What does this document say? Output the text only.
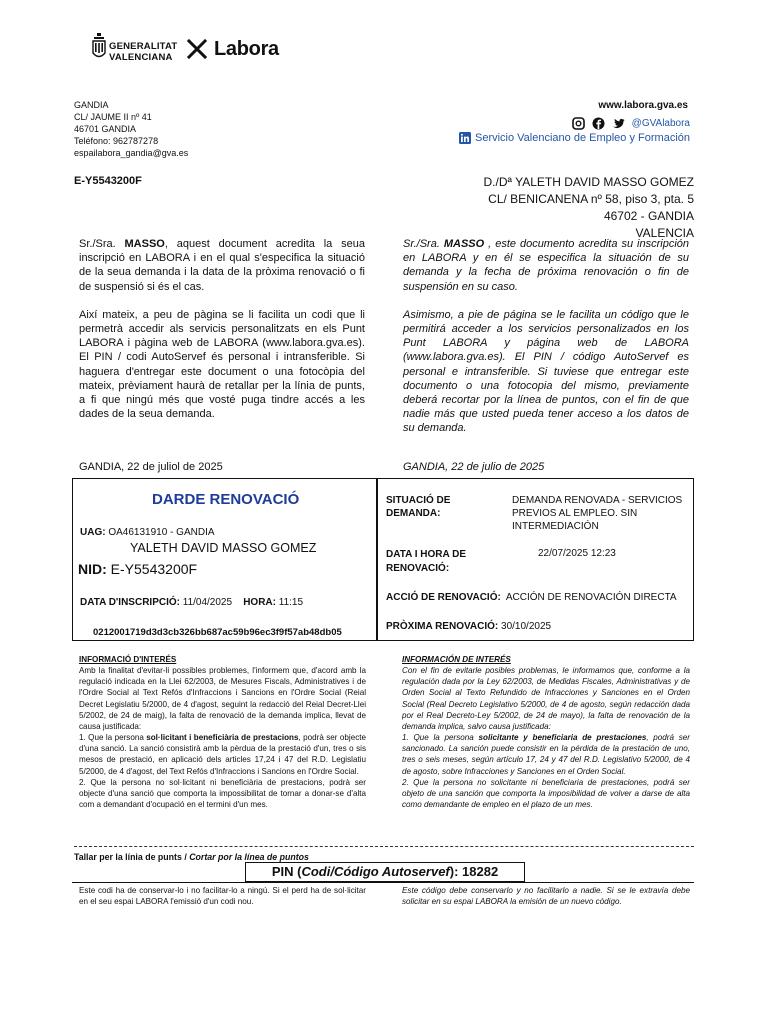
GENERALITAT
VALENCIANA Labora
GANDIA
CL/ JAUME II nº 41
46701 GANDIA
Teléfono: 962787278
espailabora_gandia@gva.es
www.labora.gva.es
@GVAlabora
Servicio Valenciano de Empleo y Formación
E-Y5543200F	D./Dª YALETH DAVID MASSO GOMEZ
CL/ BENICANENA nº 58, piso 3, pta. 5
46702 - GANDIA
VALENCIA

Sr./Sra. MASSO, aquest document acredita la seua inscripció en LABORA i en el qual s'especifica la situació de la seua demanda i la data de la pròxima renovació o fi de suspensió si és el cas.

Així mateix, a peu de pàgina se li facilita un codi que li permetrà accedir als servicis personalitzats en els Punt LABORA i pàgina web de LABORA (www.labora.gva.es). El PIN / codi AutoServef és personal i intransferible. Si haguera d'entregar este document o una fotocòpia del mateix, prèviament haurà de retallar per la línia de punts, a fi que ningú més que vosté puga tindre accés a les dades de la seua demanda.

Sr./Sra. MASSO , este documento acredita su inscripción en LABORA y en él se especifica la situación de su demanda y la fecha de próxima renovación o fin de suspensión en su caso.

Asimismo, a pie de página se le facilita un código que le permitirá acceder a los servicios personalizados en los Punt LABORA y página web de LABORA (www.labora.gva.es). El PIN / código AutoServef es personal e intransferible. Si tuviese que entregar este documento o una fotocopia del mismo, previamente deberá recortar por la línea de puntos, con el fin de que nadie más que usted pueda tener acceso a los datos de su demanda.

GANDIA, 22 de juliol de 2025	GANDIA, 22 de julio de 2025
DARDE RENOVACIÓ
UAG: OA46131910 - GANDIA
YALETH DAVID MASSO GOMEZ
NID: E-Y5543200F
DATA D'INSCRIPCIÓ: 11/04/2025 HORA: 11:15
0212001719d3d3cb326bb687ac59b96ec3f9f57ab48db05
SITUACIÓ DE
DEMANDA:
DEMANDA RENOVADA - SERVICIOS PREVIOS AL EMPLEO. SIN INTERMEDIACIÓN
DATA I HORA DE
RENOVACIÓ:
22/07/2025 12:23
ACCIÓ DE RENOVACIÓ: ACCIÓN DE RENOVACIÓN DIRECTA
PRÒXIMA RENOVACIÓ: 30/10/2025
INFORMACIÓ D'INTERÉS
Amb la finalitat d'evitar-li possibles problemes, l'informem que, d'acord amb la regulació indicada en la Llei 62/2003, de Mesures Fiscals, Administratives i de l'Ordre Social al Text Refós d'Infraccions i Sancions en l'Ordre Social (Reial Decret Legislatiu 5/2000, de 4 d'agost, seguint la redacció del Reial Decret-Llei 5/2002, de 24 de maig), la falta de renovació de la demanda implica, llevat de causa justificada:
1. Que la persona sol·licitant i beneficiària de prestacions, podrà ser objecte d'una sanció. La sanció consistirà amb la pèrdua de la prestació d'un, tres o sis mesos de prestació, en aplicació dels articles 17,24 i 47 del R.D. Legislatiu 5/2000, de 4 d'agost, del Text Refós d'Infraccions i Sancions en l'Ordre Social.
2. Que la persona no sol·licitant ni beneficiària de prestacions, podrà ser objecte d'una sanció que comporta la impossibilitat de tornar a donar-se d'alta com a demandant d'ocupació en el termini d'un mes.
INFORMACIÓN DE INTERÉS
Con el fin de evitarle posibles problemas, le informamos que, conforme a la regulación dada por la Ley 62/2003, de Medidas Fiscales, Administrativas y de Orden Social al Texto Refundido de Infracciones y Sanciones en el Orden Social (Real Decreto Legislativo 5/2000, de 4 de agosto, según redacción dada por el Real Decreto-Ley 5/2002, de 24 de mayo), la falta de renovación de la demanda implica, salvo causa justificada:
1. Que la persona solicitante y beneficiaria de prestaciones, podrá ser sancionado. La sanción puede consistir en la pérdida de la prestación de uno, tres o seis meses, según artículo 17, 24 y 47 del R.D. Legislativo 5/2000, de 4 de agosto, sobre Infracciones y Sanciones en el Orden Social.
2. Que la persona no solicitante ni beneficiaria de prestaciones, podrá ser objeto de una sanción que comporta la imposibilidad de volver a darse de alta como demandante de empleo en el plazo de un mes.
Tallar per la línia de punts / Cortar por la línea de puntos
PIN (Codi/Código Autoservef): 18282
Este codi ha de conservar-lo i no facilitar-lo a ningú. Si el perd ha de sol·licitar en el seu espai LABORA l'emissió d'un codi nou.
Este código debe conservarlo y no facilitarlo a nadie. Si se le extravía debe solicitar en su espai LABORA la emisión de un nuevo código.
